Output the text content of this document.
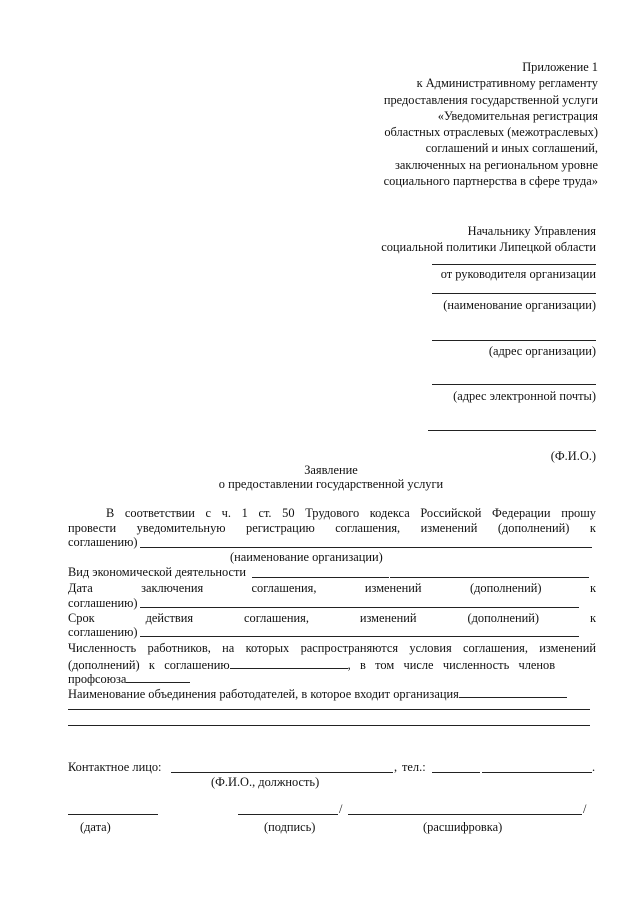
Приложение 1
к Административному регламенту
предоставления государственной услуги
«Уведомительная регистрация
областных отраслевых (межотраслевых)
соглашений и иных соглашений,
заключенных на региональном уровне
социального партнерства в сфере труда»
Начальнику Управления
социальной политики Липецкой области
от руководителя организации
(наименование организации)
(адрес организации)
(адрес электронной почты)
(Ф.И.О.)
Заявление
о предоставлении государственной услуги
В соответствии с ч. 1 ст. 50 Трудового кодекса Российской Федерации прошу
провести уведомительную регистрацию соглашения, изменений (дополнений) к
соглашению)
(наименование организации)
Вид экономической деятельности
Дата	заключения	соглашения,	изменений	(дополнений)	к
соглашению)
Срок	действия	соглашения,	изменений	(дополнений)	к
соглашению)
Численность работников, на которых распространяются условия соглашения, изменений
(дополнений)   к   соглашению	,   в   том   числе   численность   членов
профсоюза
Наименование объединения работодателей, в которое входит организация
Контактное лицо:	, тел.:	.
(Ф.И.О., должность)
/	/
(дата)	(подпись)	(расшифровка)
